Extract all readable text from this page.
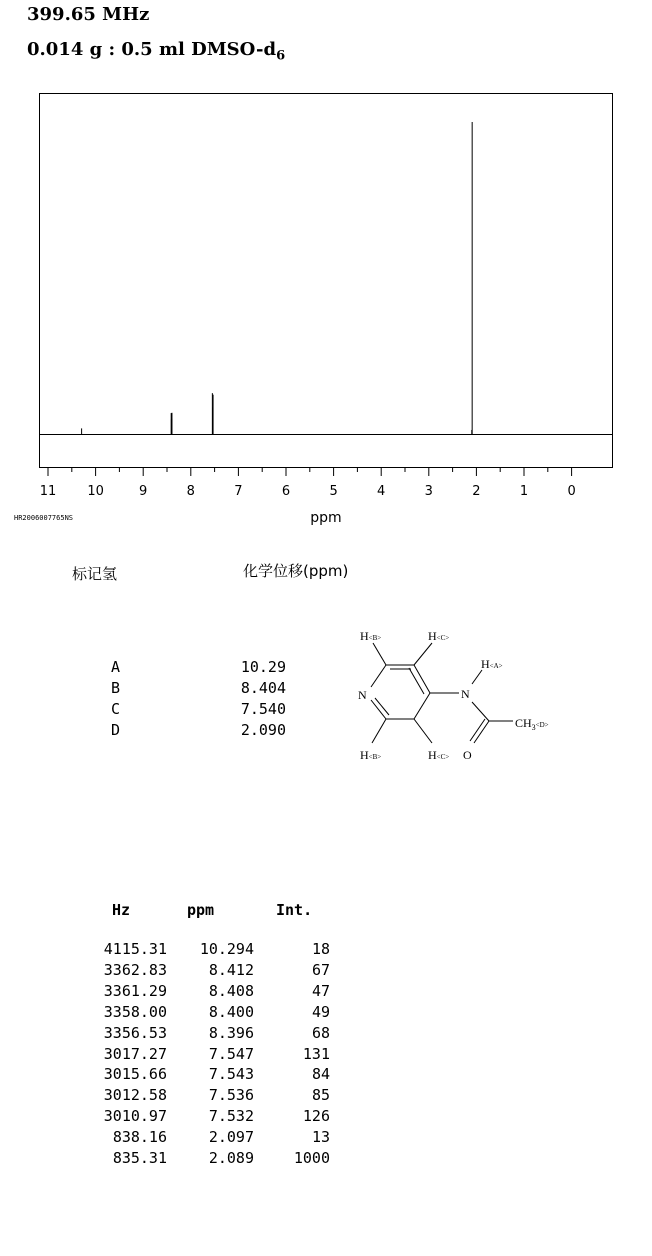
399.65 MHz
0.014 g : 0.5 ml DMSO-$d_6$
11 10	9	8	7	6	5	4	3	2	1	0
HR2006007765NS	ppm
标记氢	化学位移(ppm)
A	10.29
B	8.404
C	7.540
D	2.090
H<B>	H<C>
H<A>
N	N
$CH_3^{<D>}$
H<B>	H<C> O
Hz	ppm	Int.
4115.31	10.294	18
3362.83	8.412	67
3361.29	8.408	47
3358.00	8.400	49
3356.53	8.396	68
3017.27	7.547	131
3015.66	7.543	84
3012.58	7.536	85
3010.97	7.532	126
838.16	2.097	13
835.31	2.089	1000
